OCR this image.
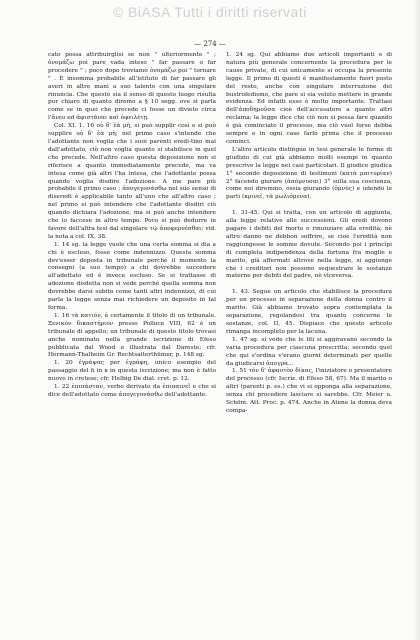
© BiASA Tutti i diritti riservati
— 274 —

cato possa attribuirglisi se non " ulteriormente " ; ὀνομάζω poi pare vada inteso " far passare o far procedere " ; poco dopo troviamo ὀνομάζω poi " tornare " . È insomma probabile all'istituto di far passare gli averi in altre mani a suo talento con una singolare rinuncia. Che questo sia il senso di questo luogo risulta pur chiaro di quanto diremo a § 10 segg. ove si parla come se in quei che precede ci fosse un divieto circa l'ἄνευ ed ἀφιστάναι καὶ ὀφειλέτῃ.

Col. XI. 1. 16 οὐ δ' ἐὰ μὴ, si può supplir così e si può supplire οὐ δ' ἐὰ μὴ; nel primo caso s'intende che l'adottante non voglia che i suoi parenti eredi-tino mai dall'adottato, ciò non voglia quanto si stabilisce in quel che precede. Nell'altro caso questa deposizione non si riferisce a quanto immediatamente precede, ma va intesa come già altri l'ha intesa, che l'adottante possa quando voglia disdire l'adozione. A me pare più probabile il primo caso ; ἀπογεγονάσθω nel suo senso di diseredi è applicabile tanto all'uno che all'altro caso ; nel primo si può intendere che l'adottante disdiri ciò quando dichiara l'adozione, ma si può anche intendere che lo faccese in altro tempo. Poco si può dedurre in favore dell'altra tesi dal singolare τῷ ἀποφερνέσθαι; vid. la nota a col. IX. 38.

1. 14 sg. la legge vuole che una certa somma si dia a chi è escluso, fosse come indennizzo. Questa somma dev'esser deposta in tribunale perché il momento la consegni (a suo tempo) a chi dovrebbe succedere all'adottato ed è invece escluso. Se si trattasse di adozione disdetta non si vede perché quella somma non dovrebbe darsi subito come tanti altri indennizzi, di cui parla la legge senza mai richiedere un deposito in tal forma.

1. 16 τὰ κατιόν, è certamente il titolo di un tribunale. Ξενικὸν δικαστήριον presso Polluce VIII, 62 è un tribunale di appello; un tribunale di questo titolo trovasi anche nominato nella grande iscrizione di Efeso pubblicata dal Wood e illustrata dal Dareste; cfr. Hermann-Thalheim Gr. Rechtsalterthümer, p. 148 sg.

1. 20 ἐγράψας per ἐγράφη, unico esempio del passaggio del ɦ in ᴇ in questa iscrizione; ma non è fatto nuovo in cretese; cfr. Helbig De dial. cret. p. 12.

1. 22 ἐπιπάσταν, verbo derivato da ἐπιπαινεῖ e che si dice dell'adottato come ἀπογεγονάσθω dell'adottante.

1. 24 sg. Qui abbiamo due articoli importanti e di natura più generale concernente la procedura per le cause private, di cui unicamente si occupa la presente legge. Il primo di questi è manifestamente fuori posto del resto, anche con singolare interruzione del bustrofedismo, che pare si sia voluto mettere in grande evidenza. Ed infatti esso è molto importante. Trattasi dell'ἀποδημοῦσα cioè dell'accusatore a quanto altri reclama; la legge dice che ciò non si possa fare quando è già cominciato il processo, ma ciò vuol forse debba sempre e in ogni caso farlo prima che il processo cominci.

L'altro articolo distingue in tesi generale le forme di giudizio di cui già abbiamo molti esempi in quanto prescrive la legge nei casi particolari. Il giudice giudica 1° secondo deposizione di testimoni (κατὰ μαιτυρίαν) 2° facendo giurare (ἀπόμνυσαι) 3° sulla sua coscienza, come noi diremmo, ossia giurando (ὀμνύς) e udendo le parti (κρινεῖ, τὰ μωλιόμενα).

1. 31-45. Qui si tratta, con un articolo di aggiunta, alla legge relative alle successioni. Gli eredi dovono pagare i debiti del morto o rinunziare alla eredità; nè altro danno ne debbon soffrire, se cioè l'eredità non raggiungesse le somme dovute. Secondo poi i princìpi di completa indipendenza della fortuna fra moglie e marito, già affermati altrove nella legge, si aggiunge che i creditori non possono sequestrare le sostanze materne per debiti del padre, nè viceversa.

1. 43. Segue un articolo che stabilisce la procedura per un processo in separazione della donna contro il marito. Già abbiamo trovato sopra contemplata la separazione, regolandosi tra quanto concerne le sostanze, col. II, 45. Dispiace che questo articolo rimanga incompleto per la lacuna.

1. 47 sg. si vede che le liti si aggiravano secondo la varia procedura per ciascuna prescritta; secondo quel che qui s'ordina v'erano giorni determinati per quelle da giudicarsi ἀπογρα...

1. 51 τὸν δ' ἀφαυτὸν δίκας, l'iniziatore o presentatore del processo (cfr. Iscriz. di Efeso 58, 67). Ma il marito o altri (parenti p. es.) che vi si opponga alla separazione, senza chi procedere lasciare si sarebbe. Cfr. Meier u. Schöm. Att. Proc. p. 474. Anche in Atene la donna deva compa-
